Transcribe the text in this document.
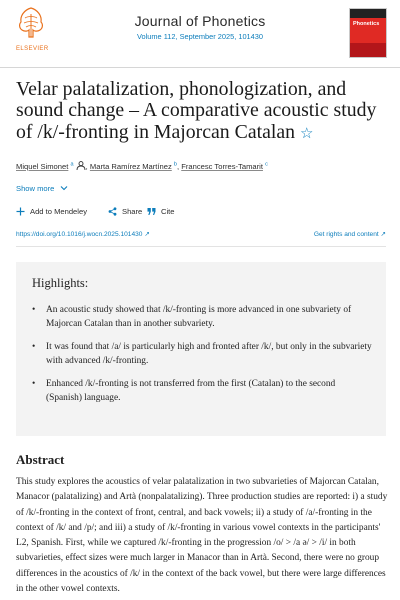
ELSEVIER
Journal of Phonetics
Volume 112, September 2025, 101430
Phonetics
Velar palatalization, phonologization, and sound change – A comparative acoustic study of /k/-fronting in Majorcan Catalan ☆
Miquel Simonet $^a$ , Marta Ramírez Martínez $^b$, Francesc Torres-Tamarit $^c$
Show more
Add to Mendeley	Share Cite
https://doi.org/10.1016/j.wocn.2025.101430 ↗	Get rights and content ↗
Highlights:
• An acoustic study showed that /k/-fronting is more advanced in one subvariety of Majorcan Catalan than in another subvariety.
• It was found that /a/ is particularly high and fronted after /k/, but only in the subvariety with advanced /k/-fronting.
• Enhanced /k/-fronting is not transferred from the first (Catalan) to the second (Spanish) language.
Abstract

This study explores the acoustics of velar palatalization in two subvarieties of Majorcan Catalan, Manacor (palatalizing) and Artà (nonpalatalizing). Three production studies are reported: i) a study of /k/-fronting in the context of front, central, and back vowels; ii) a study of /a/-fronting in the context of /k/ and /p/; and iii) a study of /k/-fronting in various vowel contexts in the participants' L2, Spanish. First, while we captured /k/-fronting in the progression /o/ > /a ə/ > /i/ in both subvarieties, effect sizes were much larger in Manacor than in Artà. Second, there were no group differences in the acoustics of /k/ in the context of the back vowel, but there were large differences in the other vowel contexts.
